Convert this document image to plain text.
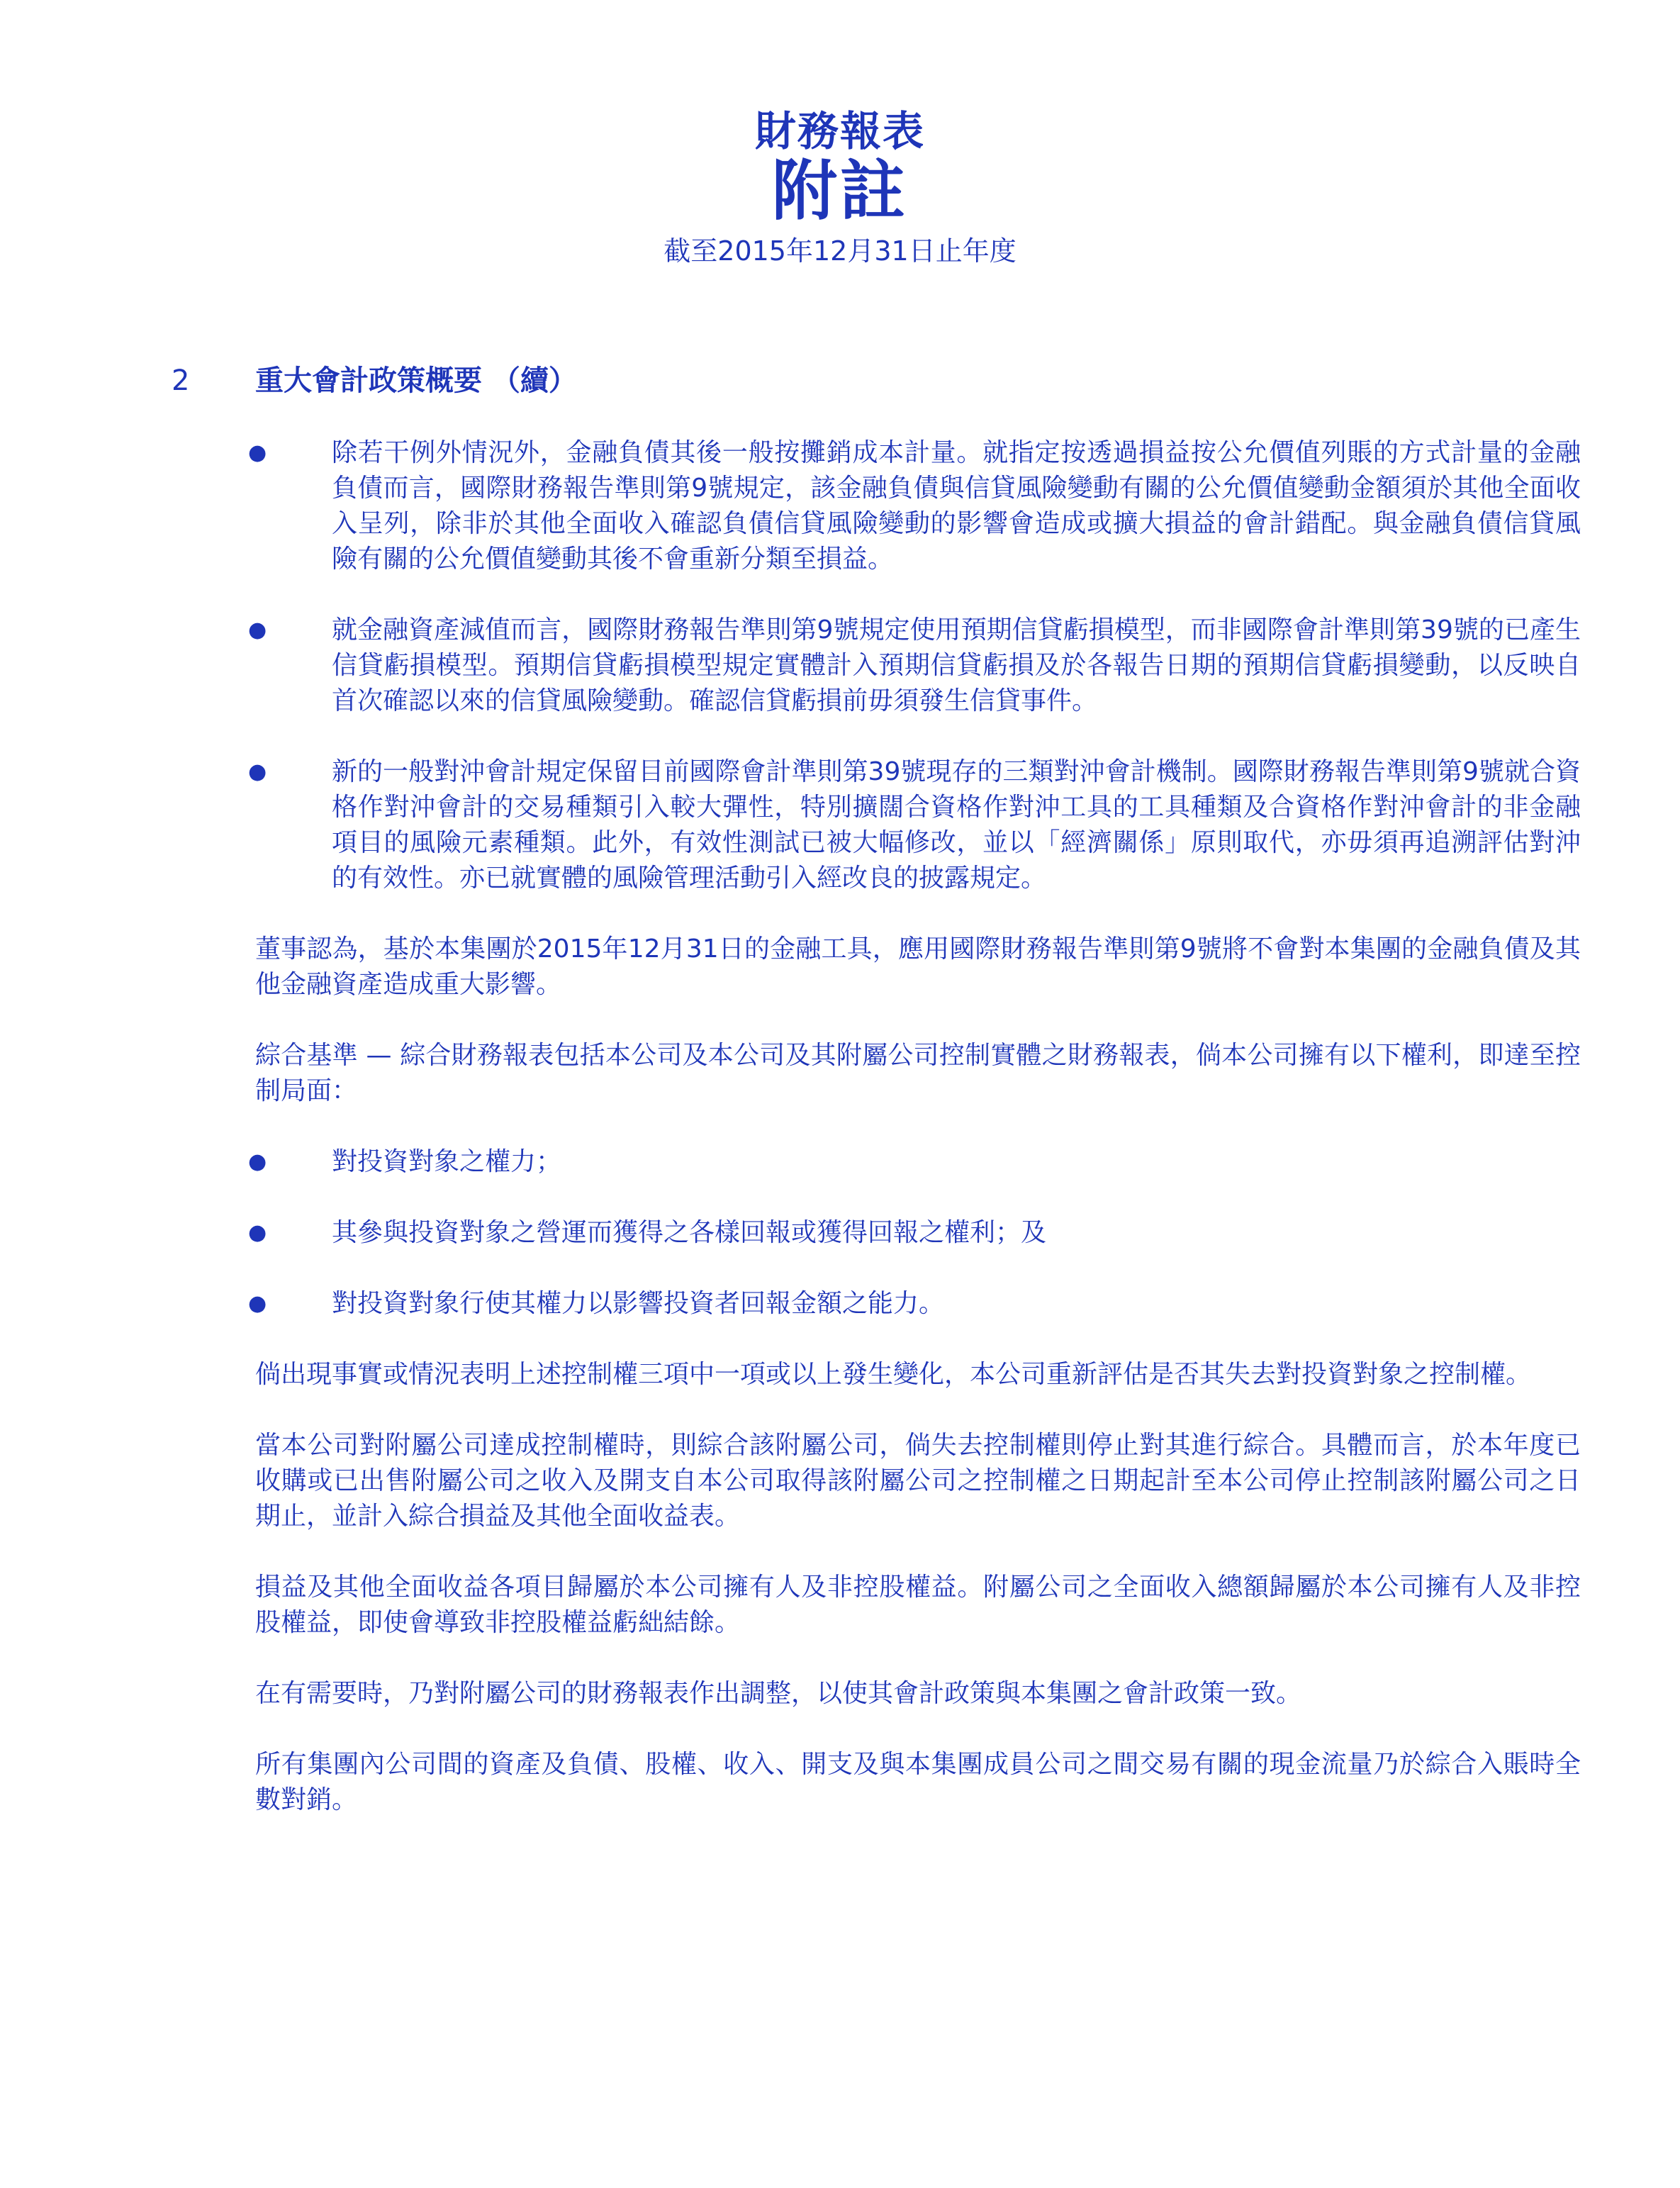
財務報表
附註
截至2015年12月31日止年度
2 重大會計政策概要 （續）

●	除若干例外情況外，金融負債其後一般按攤銷成本計量。就指定按透過損益按公允價值列賬的方式計量的金融負債而言，國際財務報告準則第9號規定，該金融負債與信貸風險變動有關的公允價值變動金額須於其他全面收入呈列，除非於其他全面收入確認負債信貸風險變動的影響會造成或擴大損益的會計錯配。與金融負債信貸風險有關的公允價值變動其後不會重新分類至損益。

●	就金融資產減值而言，國際財務報告準則第9號規定使用預期信貸虧損模型，而非國際會計準則第39號的已產生信貸虧損模型。預期信貸虧損模型規定實體計入預期信貸虧損及於各報告日期的預期信貸虧損變動，以反映自首次確認以來的信貸風險變動。確認信貸虧損前毋須發生信貸事件。

●	新的一般對沖會計規定保留目前國際會計準則第39號現存的三類對沖會計機制。國際財務報告準則第9號就合資格作對沖會計的交易種類引入較大彈性，特別擴闊合資格作對沖工具的工具種類及合資格作對沖會計的非金融項目的風險元素種類。此外，有效性測試已被大幅修改，並以「經濟關係」原則取代，亦毋須再追溯評估對沖的有效性。亦已就實體的風險管理活動引入經改良的披露規定。

董事認為，基於本集團於2015年12月31日的金融工具，應用國際財務報告準則第9號將不會對本集團的金融負債及其他金融資產造成重大影響。

綜合基準 — 綜合財務報表包括本公司及本公司及其附屬公司控制實體之財務報表，倘本公司擁有以下權利，即達至控制局面：

●	對投資對象之權力；

●	其參與投資對象之營運而獲得之各樣回報或獲得回報之權利；及

●	對投資對象行使其權力以影響投資者回報金額之能力。

倘出現事實或情況表明上述控制權三項中一項或以上發生變化，本公司重新評估是否其失去對投資對象之控制權。

當本公司對附屬公司達成控制權時，則綜合該附屬公司，倘失去控制權則停止對其進行綜合。具體而言，於本年度已收購或已出售附屬公司之收入及開支自本公司取得該附屬公司之控制權之日期起計至本公司停止控制該附屬公司之日期止，並計入綜合損益及其他全面收益表。

損益及其他全面收益各項目歸屬於本公司擁有人及非控股權益。附屬公司之全面收入總額歸屬於本公司擁有人及非控股權益，即使會導致非控股權益虧絀結餘。

在有需要時，乃對附屬公司的財務報表作出調整，以使其會計政策與本集團之會計政策一致。

所有集團內公司間的資產及負債、股權、收入、開支及與本集團成員公司之間交易有關的現金流量乃於綜合入賬時全數對銷。
